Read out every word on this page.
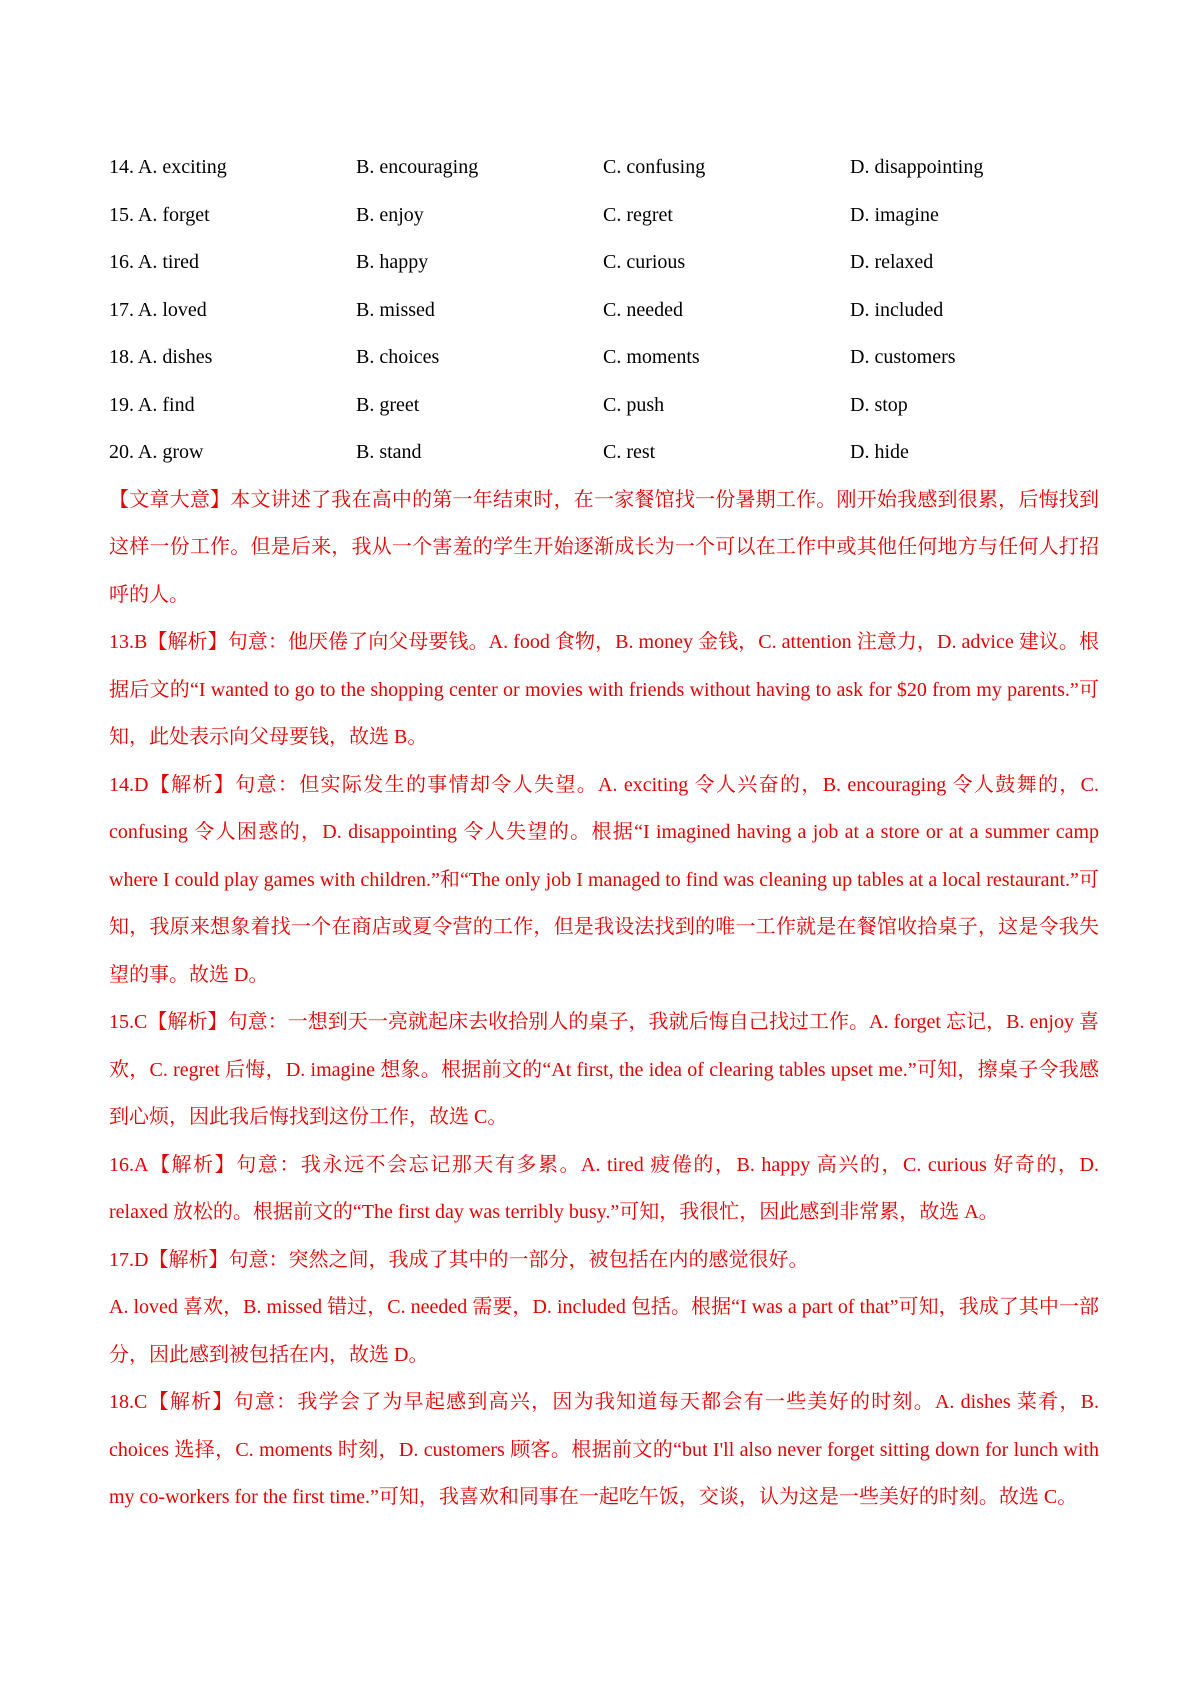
14. A. exciting	B. encouraging	C. confusing	D. disappointing
15. A. forget	B. enjoy	C. regret	D. imagine
16. A. tired	B. happy	C. curious	D. relaxed
17. A. loved	B. missed	C. needed	D. included
18. A. dishes	B. choices	C. moments	D. customers
19. A. find	B. greet	C. push	D. stop
20. A. grow	B. stand	C. rest	D. hide

【文章大意】本文讲述了我在高中的第一年结束时，在一家餐馆找一份暑期工作。刚开始我感到很累，后悔找到这样一份工作。但是后来，我从一个害羞的学生开始逐渐成长为一个可以在工作中或其他任何地方与任何人打招呼的人。

13.B【解析】句意：他厌倦了向父母要钱。A. food 食物，B. money 金钱，C. attention 注意力，D. advice 建议。根据后文的“I wanted to go to the shopping center or movies with friends without having to ask for $20 from my parents.”可知，此处表示向父母要钱，故选 B。

14.D【解析】句意：但实际发生的事情却令人失望。A. exciting 令人兴奋的，B. encouraging 令人鼓舞的，C. confusing 令人困惑的，D. disappointing 令人失望的。根据“I imagined having a job at a store or at a summer camp where I could play games with children.”和“The only job I managed to find was cleaning up tables at a local restaurant.”可知，我原来想象着找一个在商店或夏令营的工作，但是我设法找到的唯一工作就是在餐馆收拾桌子，这是令我失望的事。故选 D。

15.C【解析】句意：一想到天一亮就起床去收拾别人的桌子，我就后悔自己找过工作。A. forget 忘记，B. enjoy 喜欢，C. regret 后悔，D. imagine 想象。根据前文的“At first, the idea of clearing tables upset me.”可知，擦桌子令我感到心烦，因此我后悔找到这份工作，故选 C。

16.A【解析】句意：我永远不会忘记那天有多累。A. tired 疲倦的，B. happy 高兴的，C. curious 好奇的，D. relaxed 放松的。根据前文的“The first day was terribly busy.”可知，我很忙，因此感到非常累，故选 A。

17.D【解析】句意：突然之间，我成了其中的一部分，被包括在内的感觉很好。

A. loved 喜欢，B. missed 错过，C. needed 需要，D. included 包括。根据“I was a part of that”可知，我成了其中一部分，因此感到被包括在内，故选 D。

18.C【解析】句意：我学会了为早起感到高兴，因为我知道每天都会有一些美好的时刻。A. dishes 菜肴，B. choices 选择，C. moments 时刻，D. customers 顾客。根据前文的“but I'll also never forget sitting down for lunch with my co-workers for the first time.”可知，我喜欢和同事在一起吃午饭，交谈，认为这是一些美好的时刻。故选 C。
